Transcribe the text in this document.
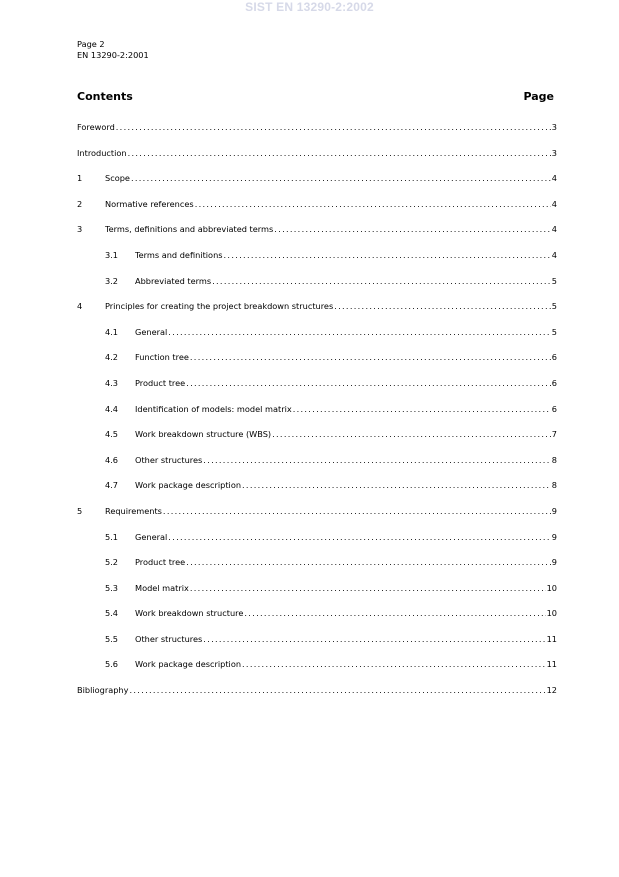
SIST EN 13290-2:2002
Page 2
EN 13290-2:2001
Contents	Page
Foreword .....	3
Introduction .....	3
1	Scope .....	4
2	Normative references .....	4
3	Terms, definitions and abbreviated terms .....	4
3.1	Terms and definitions .....	4
3.2	Abbreviated terms .....	5
4	Principles for creating the project breakdown structures .....	5
4.1	General .....	5
4.2	Function tree .....	6
4.3	Product tree .....	6
4.4	Identification of models: model matrix .....	6
4.5	Work breakdown structure (WBS) .....	7
4.6	Other structures .....	8
4.7	Work package description .....	8
5	Requirements .....	9
5.1	General .....	9
5.2	Product tree .....	9
5.3	Model matrix .....	10
5.4	Work breakdown structure .....	10
5.5	Other structures .....	11
5.6	Work package description .....	11
Bibliography .....	12
